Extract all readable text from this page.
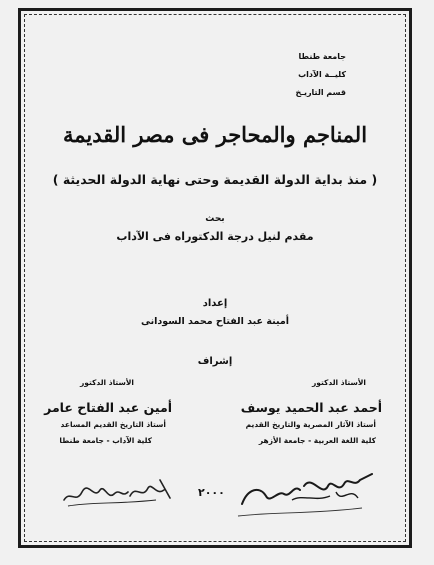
جامعة طنطا
كليــة الآداب
قسم التاريـخ
المناجم والمحاجر فى مصر القديمة
( منذ بداية الدولة القديمة وحتى نهاية الدولة الحديثة )
بحث
مقدم لنيل درجة الدكتوراه فى الآداب
إعداد
أمينة عبد الفتاح محمد السودانى
إشراف
الأستاذ الدكتور
أحمد عبد الحميد يوسف
أستاذ الآثار المصرية والتاريخ القديم
كلية اللغة العربية - جامعة الأزهر
الأستاذ الدكتور
أمين عبد الفتاح عامر
أستاذ التاريخ القديم المساعد
كلية الآداب - جامعة طنطا
٢٠٠٠
